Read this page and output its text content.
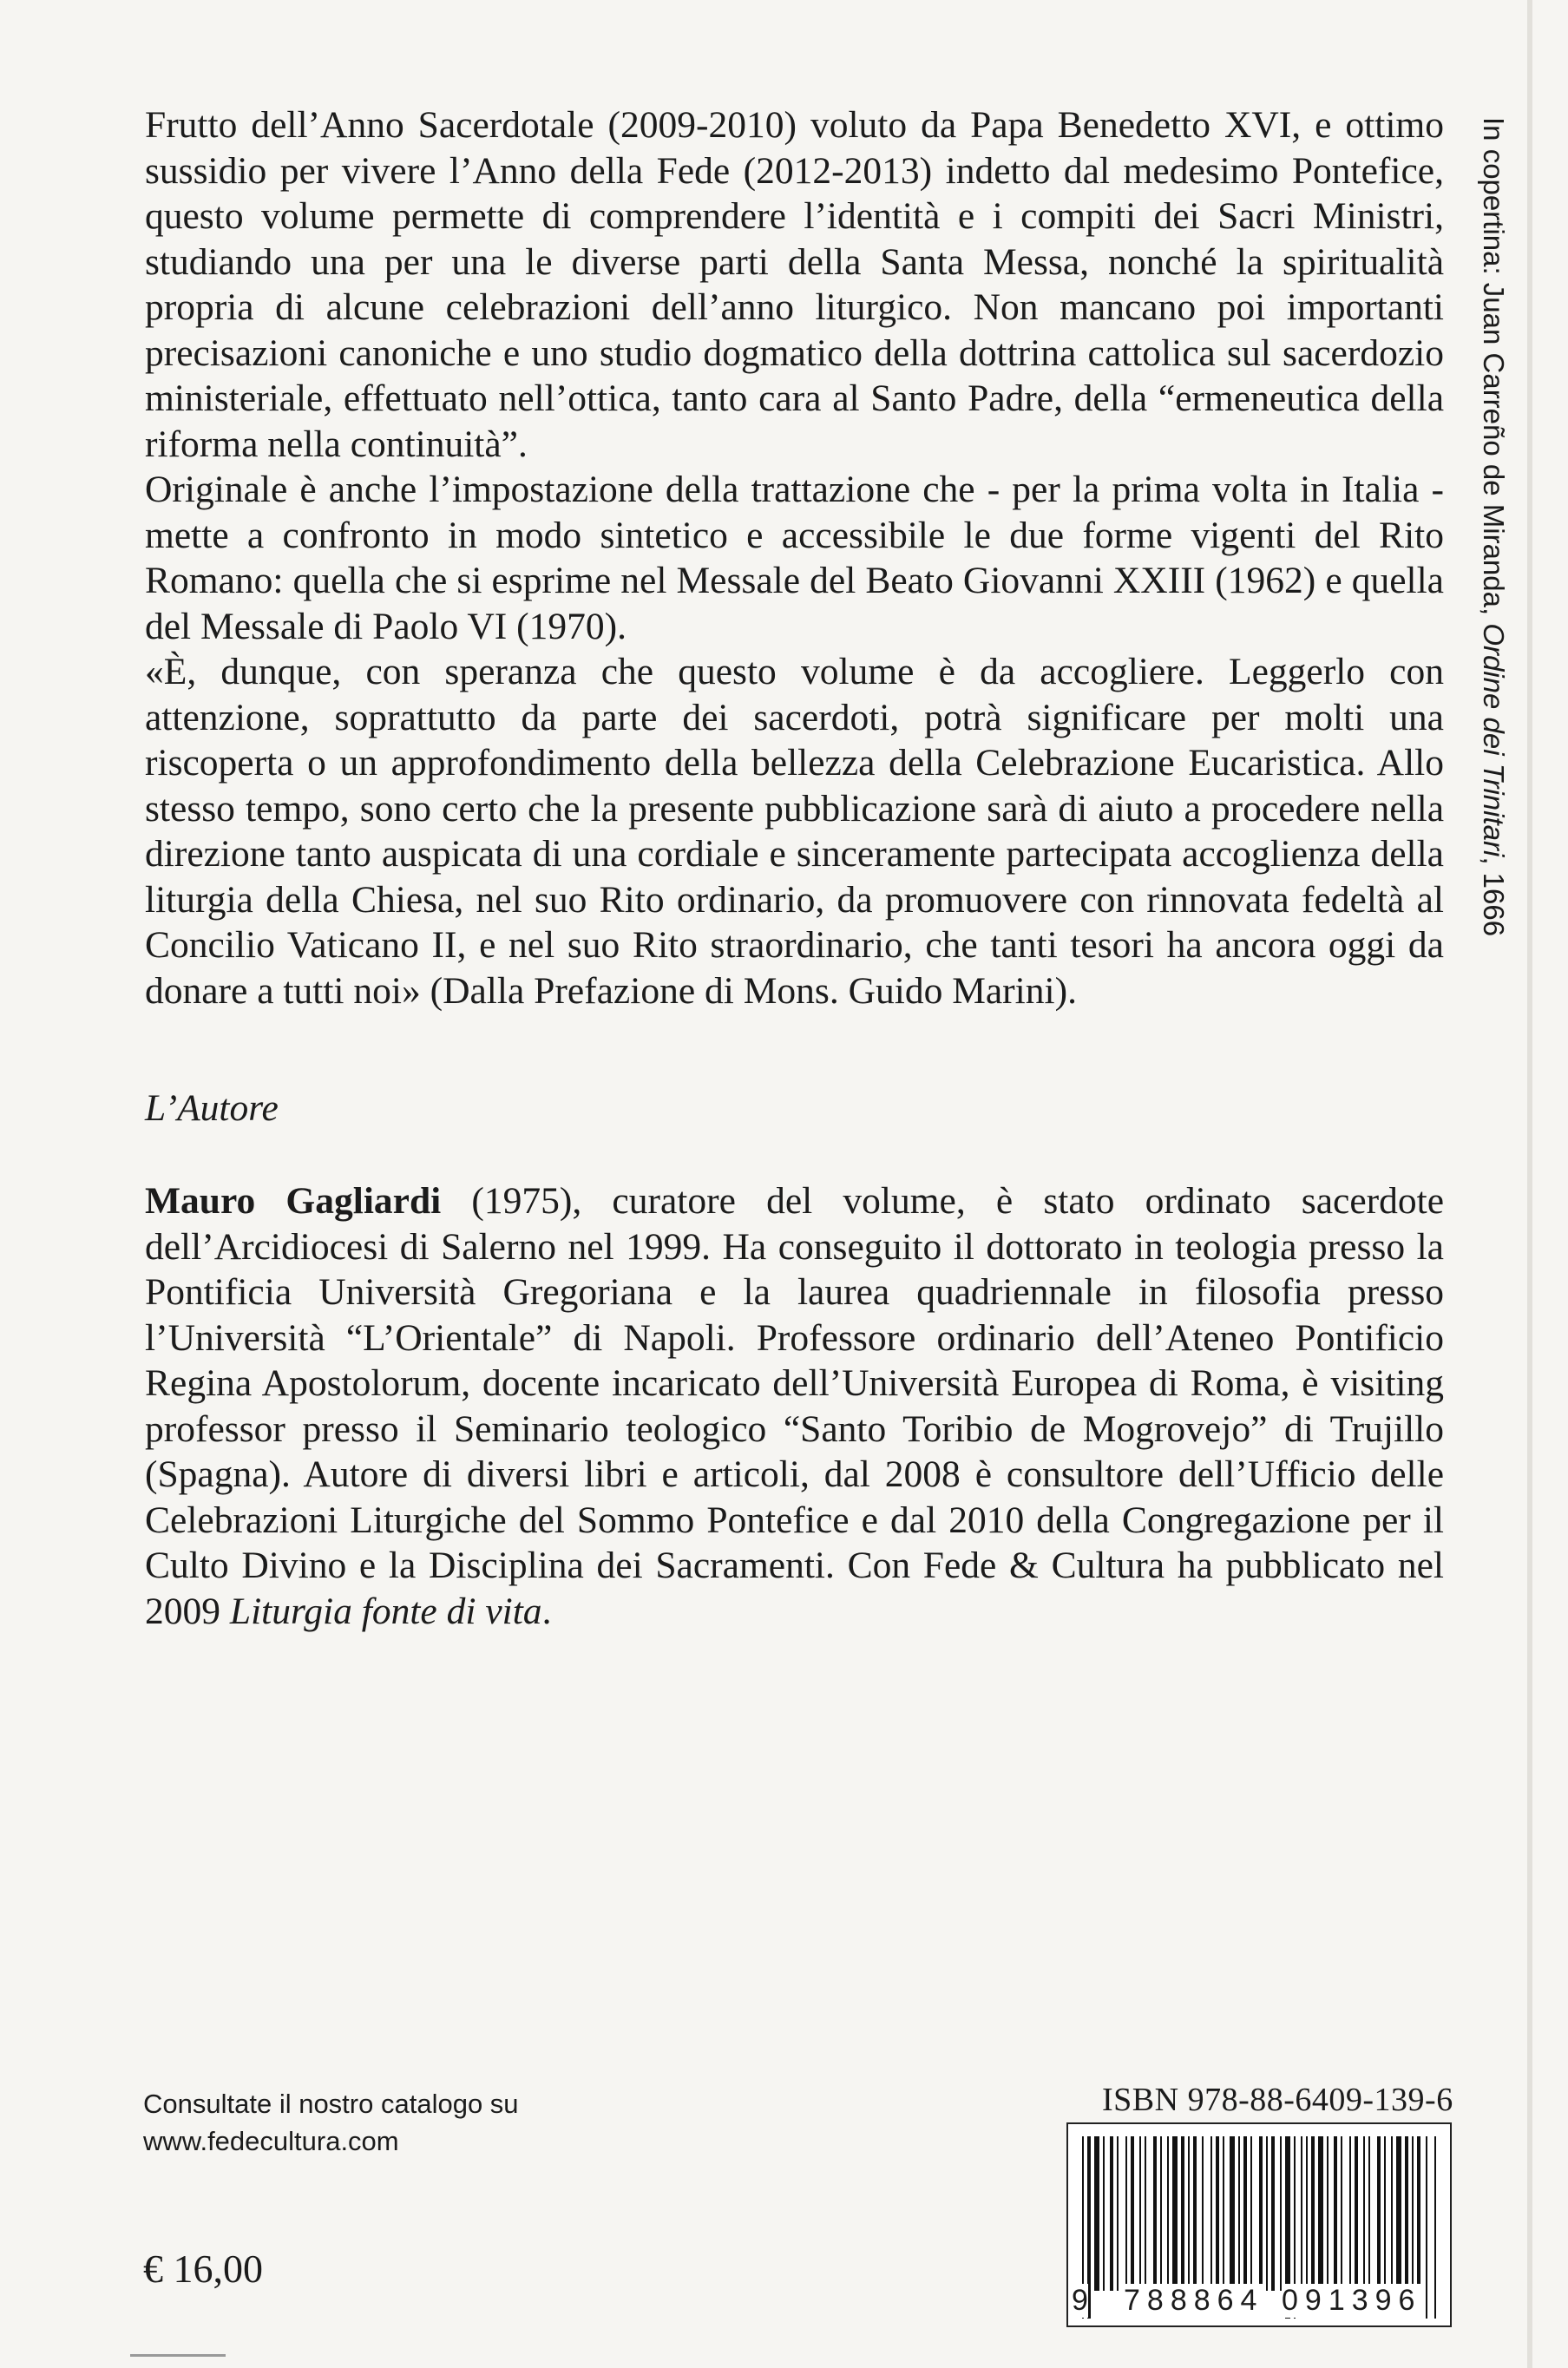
Frutto dell’Anno Sacerdotale (2009-2010) voluto da Papa Benedetto XVI, e ottimo sussidio per vivere l’Anno della Fede (2012-2013) indetto dal medesimo Pontefice, questo volume permette di comprendere l’identità e i compiti dei Sacri Ministri, studiando una per una le diverse parti della Santa Messa, nonché la spiritualità propria di alcune celebrazioni dell’anno liturgico. Non mancano poi importanti precisazioni canoniche e uno studio dogmatico della dottrina cattolica sul sacerdozio ministeriale, effettuato nell’ottica, tanto cara al Santo Padre, della “ermeneutica della riforma nella continuità”.

Originale è anche l’impostazione della trattazione che - per la prima volta in Italia - mette a confronto in modo sintetico e accessibile le due forme vigenti del Rito Romano: quella che si esprime nel Messale del Beato Giovanni XXIII (1962) e quella del Messale di Paolo VI (1970).

«È, dunque, con speranza che questo volume è da accogliere. Leggerlo con attenzione, soprattutto da parte dei sacerdoti, potrà significare per molti una riscoperta o un approfondimento della bellezza della Celebrazione Eucaristica. Allo stesso tempo, sono certo che la presente pubblicazione sarà di aiuto a procedere nella direzione tanto auspicata di una cordiale e sinceramente partecipata accoglienza della liturgia della Chiesa, nel suo Rito ordinario, da promuovere con rinnovata fedeltà al Concilio Vaticano II, e nel suo Rito straordinario, che tanti tesori ha ancora oggi da donare a tutti noi» (Dalla Prefazione di Mons. Guido Marini).

L’Autore

Mauro Gagliardi (1975), curatore del volume, è stato ordinato sacerdote dell’Arcidiocesi di Salerno nel 1999. Ha conseguito il dottorato in teologia presso la Pontificia Università Gregoriana e la laurea quadriennale in filosofia presso l’Università “L’Orientale” di Napoli. Professore ordinario dell’Ateneo Pontificio Regina Apostolorum, docente incaricato dell’Università Europea di Roma, è visiting professor presso il Seminario teologico “Santo Toribio de Mogrovejo” di Trujillo (Spagna). Autore di diversi libri e articoli, dal 2008 è consultore dell’Ufficio delle Celebrazioni Liturgiche del Sommo Pontefice e dal 2010 della Congregazione per il Culto Divino e la Disciplina dei Sacramenti. Con Fede & Cultura ha pubblicato nel 2009 Liturgia fonte di vita.

In copertina: Juan Carreño de Miranda, Ordine dei Trinitari, 1666
Consultate il nostro catalogo su
www.fedecultura.com
€ 16,00
ISBN 978-88-6409-139-6
9 788864 091396
